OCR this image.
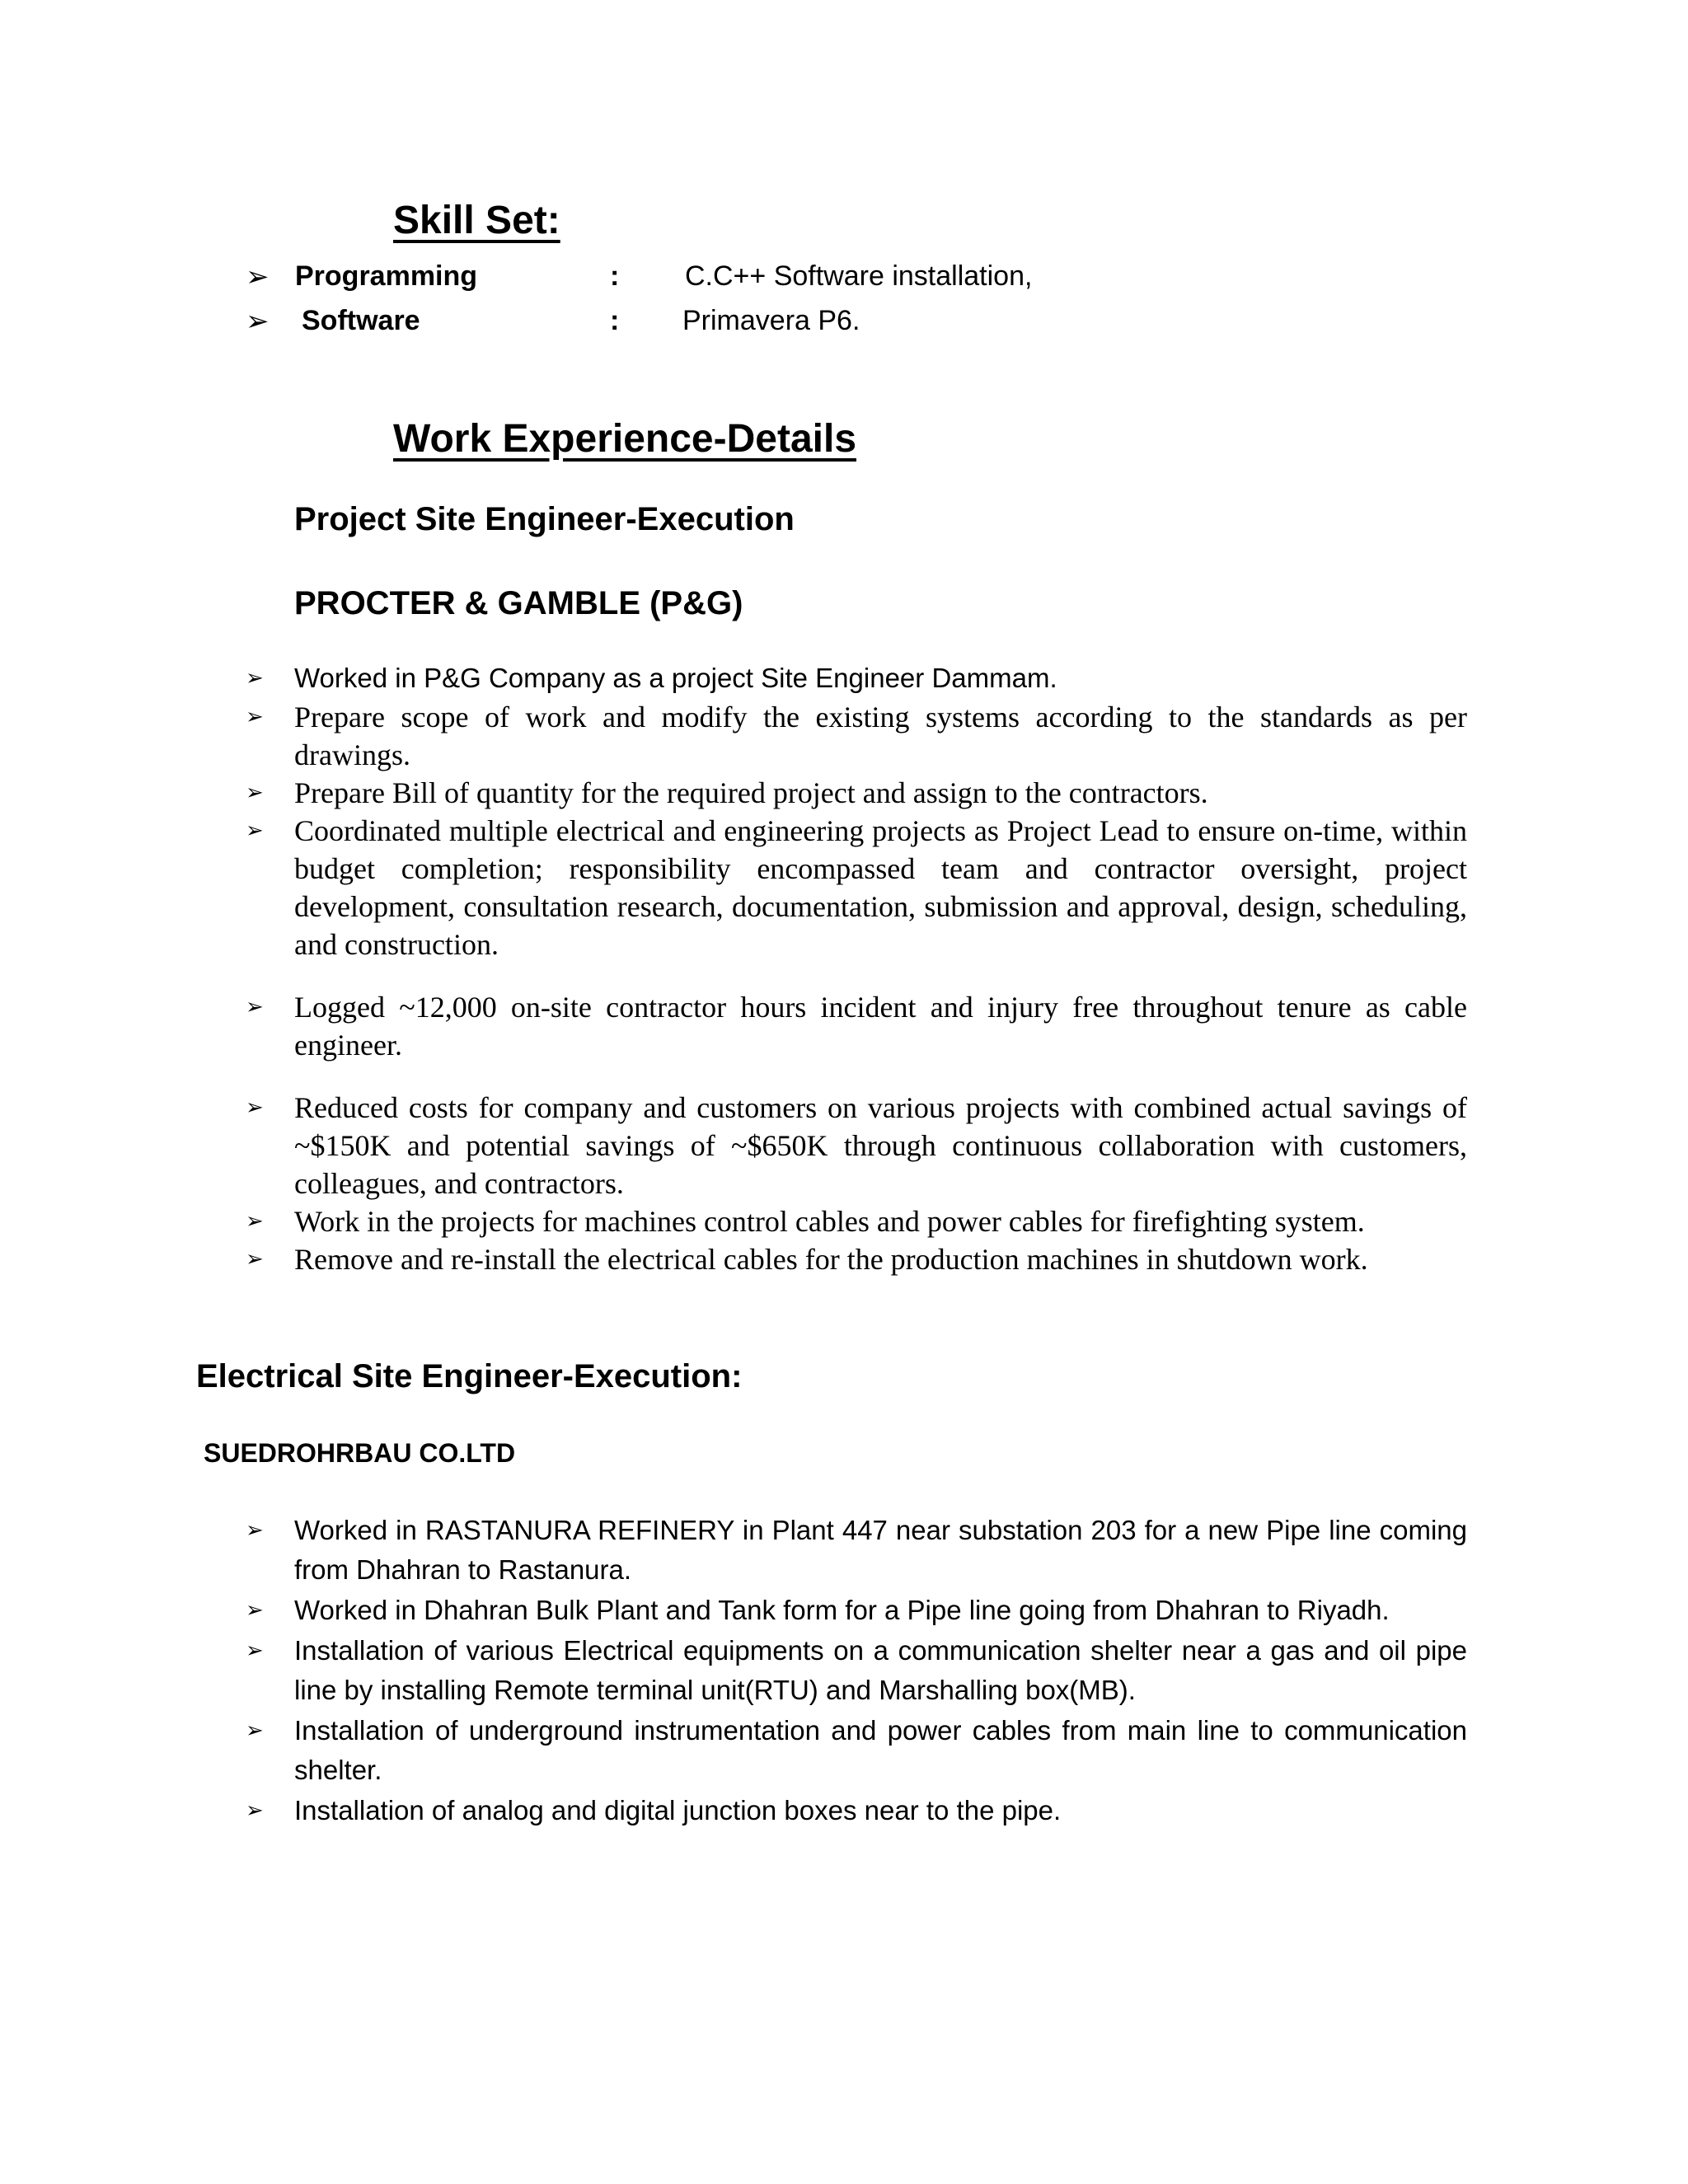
Skill Set:
➢ Programming	: C.C++ Software installation,
➢ Software	: Primavera P6.
Work Experience-Details
Project Site Engineer-Execution
PROCTER & GAMBLE (P&G)
➢ Worked in P&G Company as a project Site Engineer Dammam.
➢ Prepare scope of work and modify the existing systems according to the standards as per drawings.
➢ Prepare Bill of quantity for the required project and assign to the contractors.
➢ Coordinated multiple electrical and engineering projects as Project Lead to ensure on-time, within budget completion; responsibility encompassed team and contractor oversight, project development, consultation research, documentation, submission and approval, design, scheduling, and construction.
➢ Logged ~12,000 on-site contractor hours incident and injury free throughout tenure as cable engineer.
➢ Reduced costs for company and customers on various projects with combined actual savings of ~$150K and potential savings of ~$650K through continuous collaboration with customers, colleagues, and contractors.
➢ Work in the projects for machines control cables and power cables for firefighting system.
➢ Remove and re-install the electrical cables for the production machines in shutdown work.
Electrical Site Engineer-Execution:
SUEDROHRBAU CO.LTD
➢ Worked in RASTANURA REFINERY in Plant 447 near substation 203 for a new Pipe line coming from Dhahran to Rastanura.
➢ Worked in Dhahran Bulk Plant and Tank form for a Pipe line going from Dhahran to Riyadh.
➢ Installation of various Electrical equipments on a communication shelter near a gas and oil pipe line by installing Remote terminal unit(RTU) and Marshalling box(MB).
➢ Installation of underground instrumentation and power cables from main line to communication shelter.
➢ Installation of analog and digital junction boxes near to the pipe.
